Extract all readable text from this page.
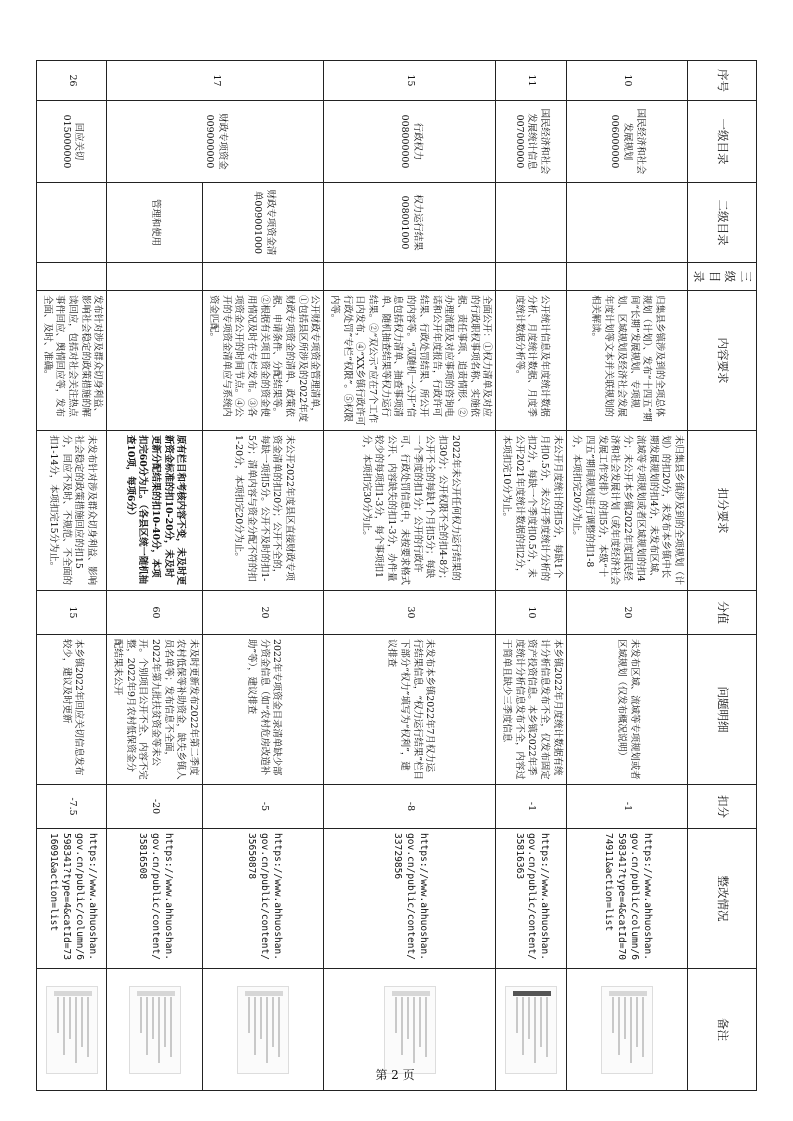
序号	一级目录	二级目录	三级目录	内容要求	扣分要求	分值	问题明细	扣分	整改情况	备注
10	国民经济和社会发展规划006000000			归集县乡镇涉及到的全项总体规划（计划）、发布“十四五”期间“长期”发展规划、专项规划、区域规划及经济社会发展年度计划等文本并关联规划的相关解读。	未归集县乡镇涉及到的全项规划（计划）的扣20分，未发布本乡镇中长期发展规划的扣4分，未发布区域、流域等专项规划或者区域规划的扣4分；未公开本乡镇2022年度国民经济和社会发展计划（或年度经济社会发展工作安排）的扣5分，本级“十四五”期间规划进行调整的扣1-8分，本项扣完20分为止。	20	未发布区域、流域等专项规划或者区域规划（仅发布概况说明）	-1	https://www.ahhuoshan.gov.cn/public/column/6598341?type=4&catId=7074911&action=list	

11	国民经济和社会发展统计信息007000000			公开统计信息及年度统计数据分析、月度统计数据、月度季度统计数据分析等。	未公开月度统计的扣5分，每缺1个月扣0.5分，未公开季度统计分析的扣2分，每缺一个季度扣0.5分，未公开2021年度统计数据的扣2分，本项扣完10分为止。	10	本乡镇2022年月度统计数据有统计分析信息发布不全，仅发布固定资产投资信息。本乡镇2022年季度统计分析信息发布不全，内容过于简单且缺少三季度信息	-1	https://www.ahhuoshan.gov.cn/public/content/35816363	

15	行政权力008000000	权力运行结果008001000		全面公开：①权力清单及对应的行政职权事项名称、实施依据、责任事项、追责情形、②办理流程及对应事项的咨询电话和公开年度报告，行政许可结果、行政处罚结果、所公开的内容等。“双随机一公开”信息包括权力清单、抽查事项清单、随机抽查结果等权力运行结果。②“双公示”应在7个工作日内发布，④“XX乡镇行政许可行政处罚”专栏“权限”。⑤权限内等。	2022年未公开任何权力运行结果的扣30分；公开权限不全的扣4-8分；公开不全的每缺1个月扣5分；每缺一个季度的扣1分；公开的行政许可、行政处罚信息中，未按要求格式公开、内容缺失的扣1-3分，办件量较少的每项扣1-3分，每个事项扣1分，本项扣完30分为止。	30	未发布本乡镇2022年7月权力运行结果信息，“权力运行结果”栏目下部分“权力”填写为“权利”，建议排查	-8	https://www.ahhuoshan.gov.cn/public/content/33729856	

17	财政专项资金009000000	财政专项资金清单009001000		公开财政专项资金管理清单，①包括县区所涉及的2022年度财政专项资金的清单、政策依据、申请条件、分配结果等。②根据有关项目资金的资金使用情况及时在专栏发布。③各项资金公开的时间节点。④公开的专项资金清单应与系统内资金匹配。	未公开2022年度县区直接财政专项资金清单的扣20分；公开不全的，每缺一项扣5分。公开不及时的扣1-5分；清单内容与资金分配不符的扣1-20分，本项扣完20分为止。	20	2022年专项资金目录清单缺少部分资金信息（如“农村危房改造补助”等），建议排查	-5	https://www.ahhuoshan.gov.cn/public/content/35650878	

		管理和使用			原有栏目和考核内容不变，未及时更新资金标准的扣10-20分，未及时更新分配结果的扣10-40分，本项扣完60分为止。（各县区统一随机抽查10项，每项6分）	60	未及时更新发布2022年第二季度农村低保等补助资金，缺失乡镇人员名单等；发布信息不全面，2022年第九批扶贫资金等未公开。个别项目公开不全、内容不完整，2022年9月农村低保资金分配结果未公开	-20	https://www.ahhuoshan.gov.cn/public/content/35816508	

26	回应关切015000000			发布针对涉及群众切身利益、影响社会稳定的政策措施的解读回应，包括对社会关注热点事件回应、舆情回应等，发布全面、及时、准确。	未发布针对涉及群众切身利益、影响社会稳定的政策措施回应的扣15分，回应不及时、不规范、不全面的扣1-14分，本项扣完15分为止。	15	本乡镇2022年回应关切信息发布较少，建议及时更新	-7.5	https://www.ahhuoshan.gov.cn/public/column/6598341?type=4&catId=7316091&action=list	
第 2 页
